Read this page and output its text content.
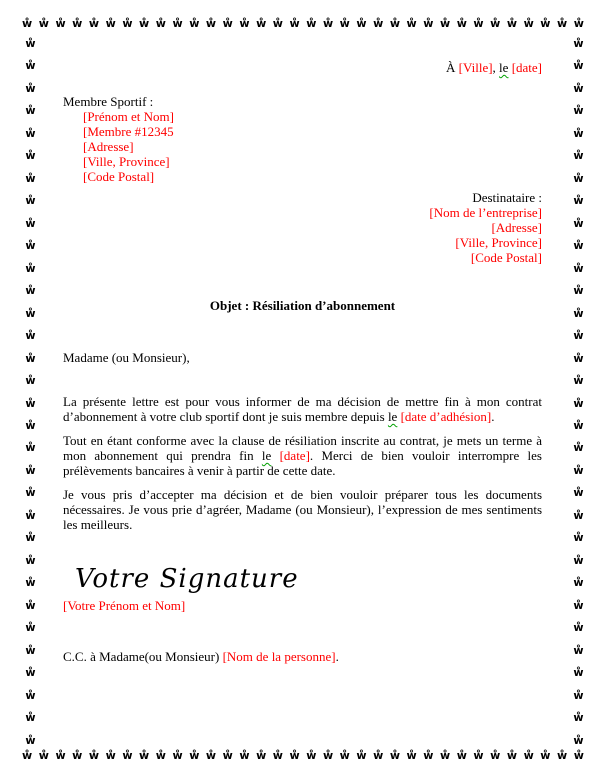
ẘ ẘ ẘ ẘ ẘ ẘ ẘ ẘ ẘ ẘ ẘ ẘ ẘ ẘ ẘ ẘ ẘ ẘ ẘ ẘ ẘ ẘ ẘ ẘ ẘ ẘ ẘ ẘ ẘ ẘ ẘ ẘ ẘ ẘ
ẘ
ẘ
ẘ
ẘ
ẘ
ẘ
ẘ
ẘ
ẘ
ẘ
ẘ
ẘ
ẘ
ẘ
ẘ
ẘ
ẘ
ẘ
ẘ
ẘ
ẘ
ẘ
ẘ
ẘ
ẘ
ẘ
ẘ
ẘ
ẘ
ẘ
ẘ
ẘ
ẘ
ẘ
ẘ
ẘ
ẘ
ẘ
ẘ
ẘ
ẘ
ẘ
ẘ
ẘ
ẘ
ẘ
ẘ
ẘ
ẘ
ẘ
ẘ
ẘ
ẘ
ẘ
ẘ
ẘ
ẘ
ẘ
ẘ
ẘ
ẘ
ẘ
ẘ
ẘ
ẘ ẘ ẘ ẘ ẘ ẘ ẘ ẘ ẘ ẘ ẘ ẘ ẘ ẘ ẘ ẘ ẘ ẘ ẘ ẘ ẘ ẘ ẘ ẘ ẘ ẘ ẘ ẘ ẘ ẘ ẘ ẘ ẘ ẘ
À [Ville], le [date]
Membre Sportif :
[Prénom et Nom]
[Membre #12345
[Adresse]
[Ville, Province]
[Code Postal]
Destinataire :
[Nom de l’entreprise]
[Adresse]
[Ville, Province]
[Code Postal]
Objet : Résiliation d’abonnement
Madame (ou Monsieur),
La présente lettre est pour vous informer de ma décision de mettre fin à mon contrat d’abonnement à votre club sportif dont je suis membre depuis le [date d’adhésion].
Tout en étant conforme avec la clause de résiliation inscrite au contrat, je mets un terme à mon abonnement qui prendra fin le [date]. Merci de bien vouloir interrompre les prélèvements bancaires à venir à partir de cette date.
Je vous pris d’accepter ma décision et de bien vouloir préparer tous les documents nécessaires. Je vous prie d’agréer, Madame (ou Monsieur), l’expression de mes sentiments les meilleurs.
Votre Signature
[Votre Prénom et Nom]
C.C. à Madame(ou Monsieur) [Nom de la personne].
